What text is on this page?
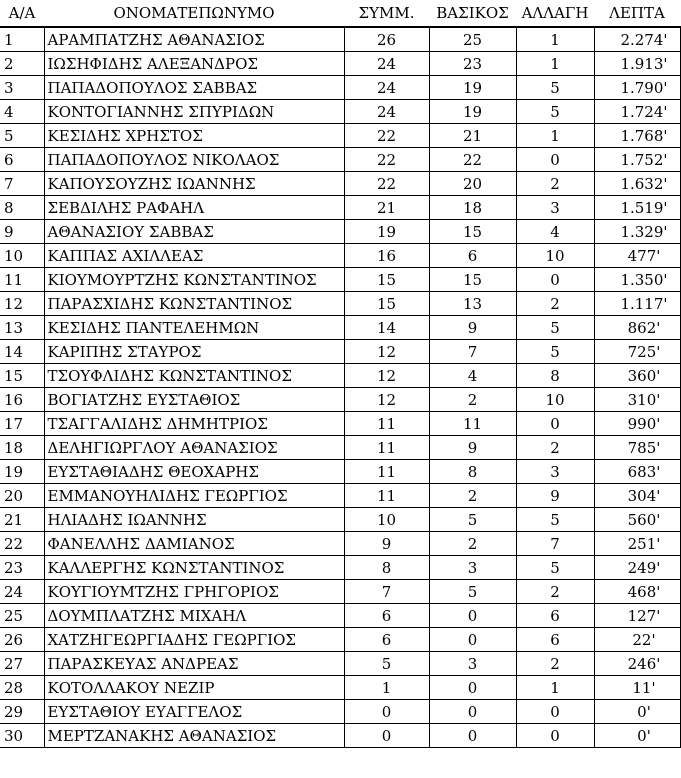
Α/Α	ΟΝΟΜΑΤΕΠΩΝΥΜΟ	ΣΥΜΜ.	ΒΑΣΙΚΟΣ	ΑΛΛΑΓΗ	ΛΕΠΤΑ
1	ΑΡΑΜΠΑΤΖΗΣ ΑΘΑΝΑΣΙΟΣ	26	25	1	2.274'
2	ΙΩΣΗΦΙΔΗΣ ΑΛΕΞΑΝΔΡΟΣ	24	23	1	1.913'
3	ΠΑΠΑΔΟΠΟΥΛΟΣ ΣΑΒΒΑΣ	24	19	5	1.790'
4	ΚΟΝΤΟΓΙΑΝΝΗΣ ΣΠΥΡΙΔΩΝ	24	19	5	1.724'
5	ΚΕΣΙΔΗΣ ΧΡΗΣΤΟΣ	22	21	1	1.768'
6	ΠΑΠΑΔΟΠΟΥΛΟΣ ΝΙΚΟΛΑΟΣ	22	22	0	1.752'
7	ΚΑΠΟΥΣΟΥΖΗΣ ΙΩΑΝΝΗΣ	22	20	2	1.632'
8	ΣΕΒΔΙΛΗΣ ΡΑΦΑΗΛ	21	18	3	1.519'
9	ΑΘΑΝΑΣΙΟΥ ΣΑΒΒΑΣ	19	15	4	1.329'
10	ΚΑΠΠΑΣ ΑΧΙΛΛΕΑΣ	16	6	10	477'
11	ΚΙΟΥΜΟΥΡΤΖΗΣ ΚΩΝΣΤΑΝΤΙΝΟΣ	15	15	0	1.350'
12	ΠΑΡΑΣΧΙΔΗΣ ΚΩΝΣΤΑΝΤΙΝΟΣ	15	13	2	1.117'
13	ΚΕΣΙΔΗΣ ΠΑΝΤΕΛΕΗΜΩΝ	14	9	5	862'
14	ΚΑΡΙΠΗΣ ΣΤΑΥΡΟΣ	12	7	5	725'
15	ΤΣΟΥΦΛΙΔΗΣ ΚΩΝΣΤΑΝΤΙΝΟΣ	12	4	8	360'
16	ΒΟΓΙΑΤΖΗΣ ΕΥΣΤΑΘΙΟΣ	12	2	10	310'
17	ΤΣΑΓΓΑΛΙΔΗΣ ΔΗΜΗΤΡΙΟΣ	11	11	0	990'
18	ΔΕΛΗΓΙΩΡΓΛΟΥ ΑΘΑΝΑΣΙΟΣ	11	9	2	785'
19	ΕΥΣΤΑΘΙΑΔΗΣ ΘΕΟΧΑΡΗΣ	11	8	3	683'
20	ΕΜΜΑΝΟΥΗΛΙΔΗΣ ΓΕΩΡΓΙΟΣ	11	2	9	304'
21	ΗΛΙΑΔΗΣ ΙΩΑΝΝΗΣ	10	5	5	560'
22	ΦΑΝΕΛΛΗΣ ΔΑΜΙΑΝΟΣ	9	2	7	251'
23	ΚΑΛΛΕΡΓΗΣ ΚΩΝΣΤΑΝΤΙΝΟΣ	8	3	5	249'
24	ΚΟΥΓΙΟΥΜΤΖΗΣ ΓΡΗΓΟΡΙΟΣ	7	5	2	468'
25	ΔΟΥΜΠΛΑΤΖΗΣ ΜΙΧΑΗΛ	6	0	6	127'
26	ΧΑΤΖΗΓΕΩΡΓΙΑΔΗΣ ΓΕΩΡΓΙΟΣ	6	0	6	22'
27	ΠΑΡΑΣΚΕΥΑΣ ΑΝΔΡΕΑΣ	5	3	2	246'
28	ΚΟΤΟΛΛΑΚΟΥ ΝΕΖΙΡ	1	0	1	11'
29	ΕΥΣΤΑΘΙΟΥ ΕΥΑΓΓΕΛΟΣ	0	0	0	0'
30	ΜΕΡΤΖΑΝΑΚΗΣ ΑΘΑΝΑΣΙΟΣ	0	0	0	0'
